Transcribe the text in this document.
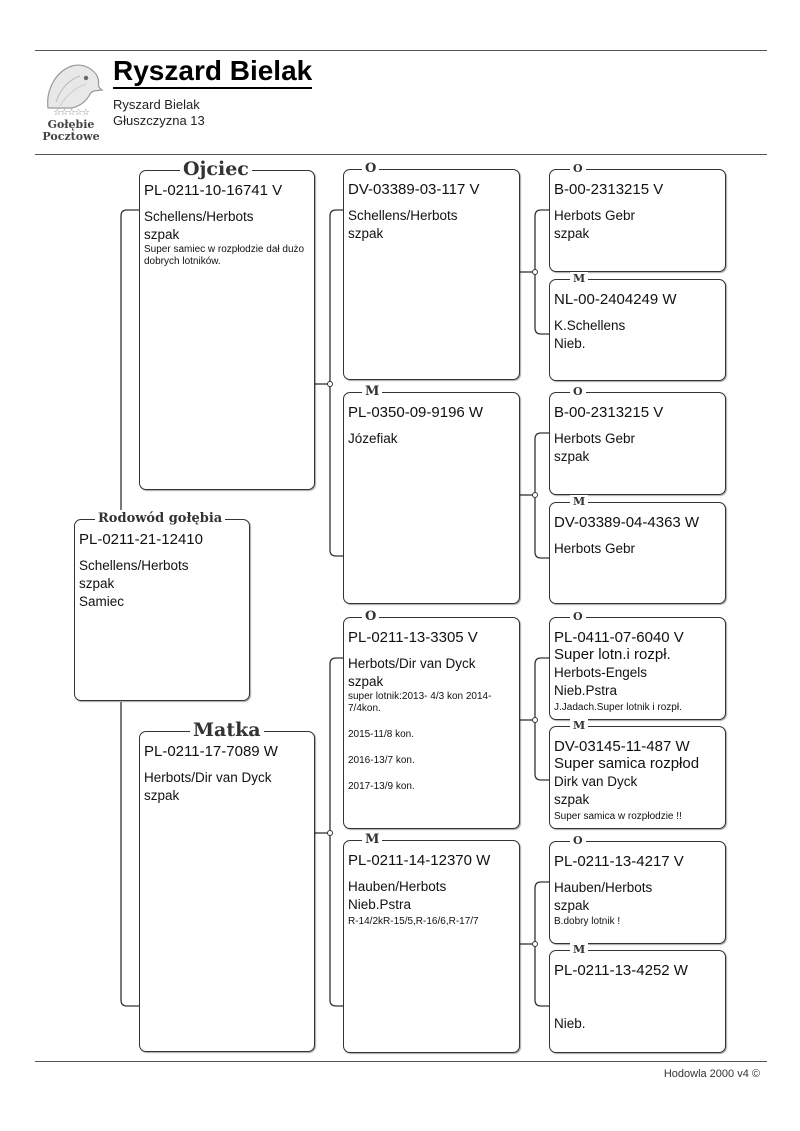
☆☆☆☆☆
Gołębie
Pocztowe
Ryszard Bielak
Ryszard Bielak
Głuszczyzna 13
Rodowód gołębia
PL-0211-21-12410
Schellens/Herbots
szpak
Samiec
Ojciec
PL-0211-10-16741 V
Schellens/Herbots
szpak
Super samiec w rozpłodzie dał dużo dobrych lotników.
Matka
PL-0211-17-7089 W
Herbots/Dir van Dyck
szpak
O
DV-03389-03-117 V
Schellens/Herbots
szpak
M
PL-0350-09-9196 W
Józefiak
O
PL-0211-13-3305 V
Herbots/Dir van Dyck
szpak
super lotnik:2013- 4/3 kon 2014-7/4kon.
2015-11/8 kon.
2016-13/7 kon.
2017-13/9 kon.
M
PL-0211-14-12370 W
Hauben/Herbots
Nieb.Pstra
R-14/2kR-15/5,R-16/6,R-17/7
O
B-00-2313215 V
Herbots Gebr
szpak
M
NL-00-2404249 W
K.Schellens
Nieb.
O
B-00-2313215 V
Herbots Gebr
szpak
M
DV-03389-04-4363 W
Herbots Gebr
O
PL-0411-07-6040 V
Super lotn.i rozpł.
Herbots-Engels
Nieb.Pstra
J.Jadach.Super lotnik i rozpł.
M
DV-03145-11-487 W
Super samica rozpłod
Dirk van Dyck
szpak
Super samica w rozpłodzie !!
O
PL-0211-13-4217 V
Hauben/Herbots
szpak
B.dobry lotnik !
M
PL-0211-13-4252 W
Nieb.
Hodowla 2000 v4 ©
